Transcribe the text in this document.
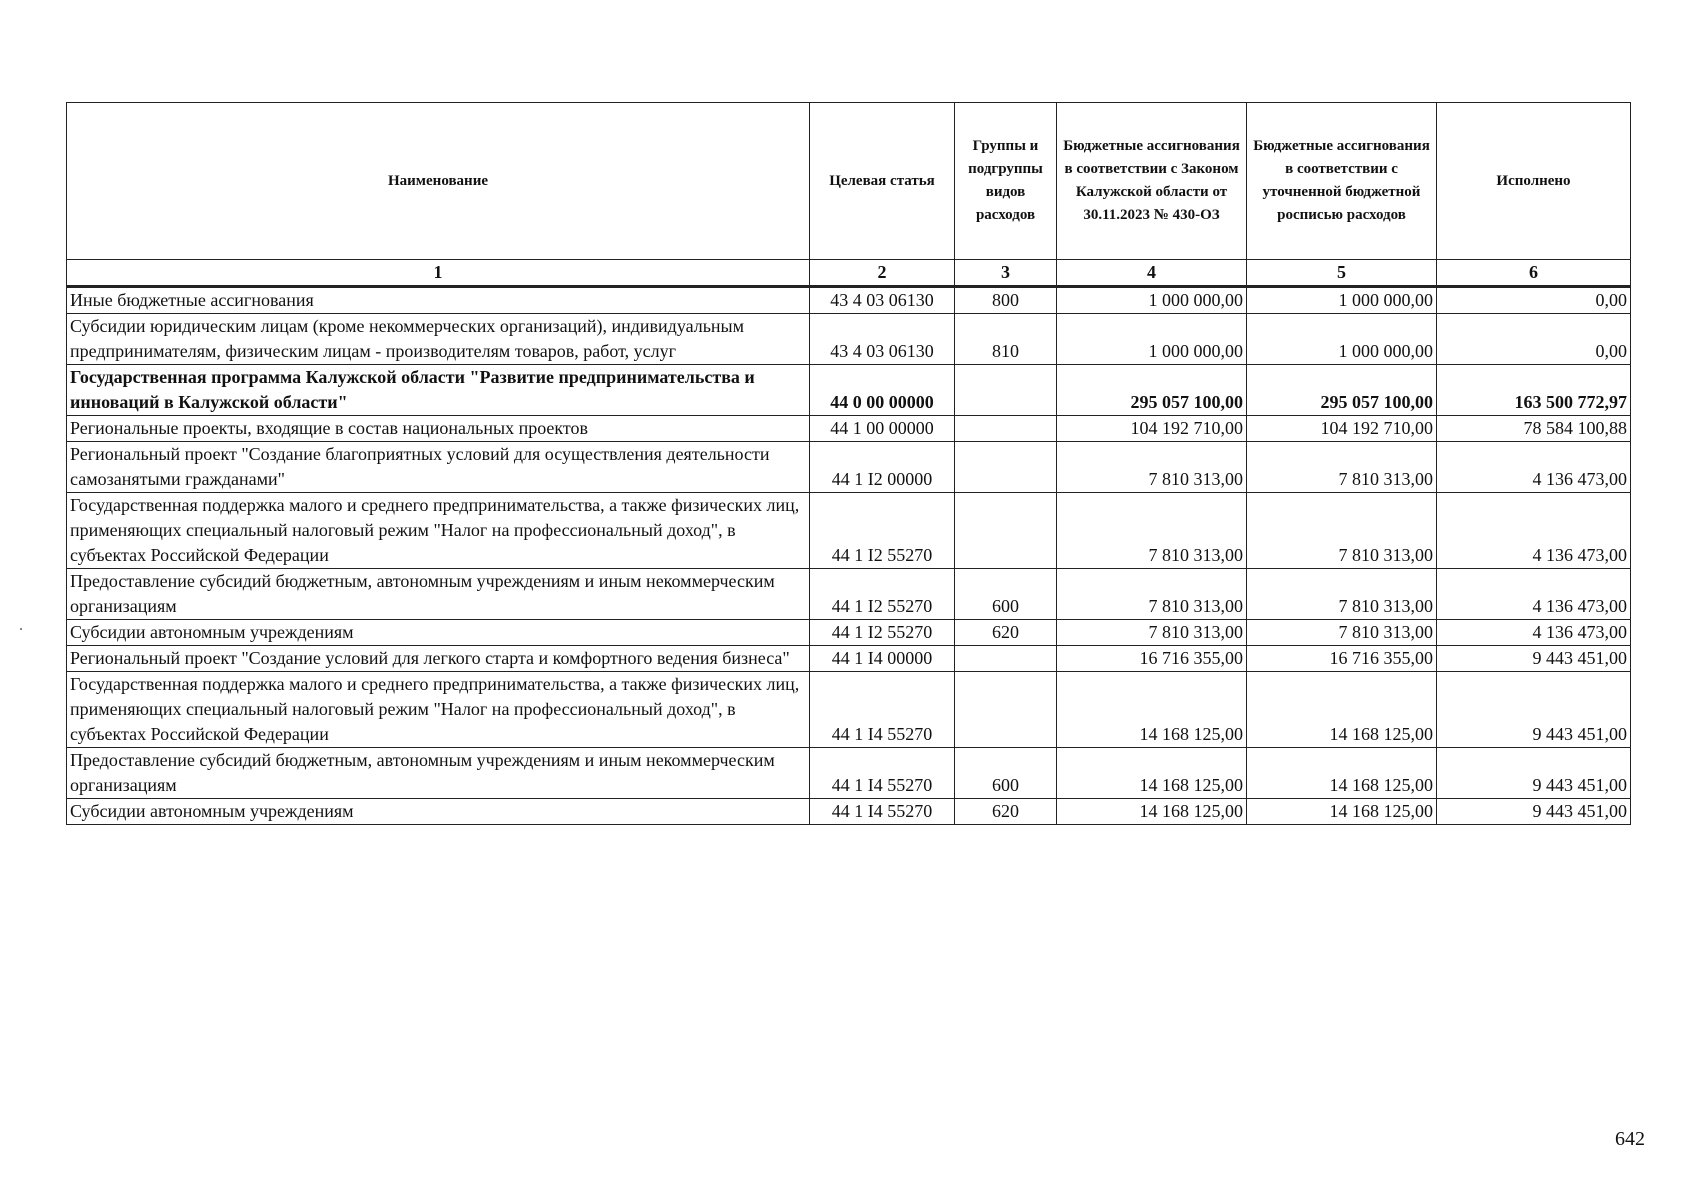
Наименование	Целевая статья	Группы и подгруппы видов расходов	Бюджетные ассигнования в соответствии с Законом Калужской области от 30.11.2023 № 430-ОЗ	Бюджетные ассигнования в соответствии с уточненной бюджетной росписью расходов	Исполнено
1	2	3	4	5	6
Иные бюджетные ассигнования	43 4 03 06130	800	1 000 000,00	1 000 000,00	0,00
Субсидии юридическим лицам (кроме некоммерческих организаций), индивидуальным предпринимателям, физическим лицам - производителям товаров, работ, услуг	43 4 03 06130	810	1 000 000,00	1 000 000,00	0,00
Государственная программа Калужской области "Развитие предпринимательства и инноваций в Калужской области"	44 0 00 00000		295 057 100,00	295 057 100,00	163 500 772,97
Региональные проекты, входящие в состав национальных проектов	44 1 00 00000		104 192 710,00	104 192 710,00	78 584 100,88
Региональный проект "Создание благоприятных условий для осуществления деятельности самозанятыми гражданами"	44 1 I2 00000		7 810 313,00	7 810 313,00	4 136 473,00
Государственная поддержка малого и среднего предпринимательства, а также физических лиц, применяющих специальный налоговый режим "Налог на профессиональный доход", в субъектах Российской Федерации	44 1 I2 55270		7 810 313,00	7 810 313,00	4 136 473,00
Предоставление субсидий бюджетным, автономным учреждениям и иным некоммерческим организациям	44 1 I2 55270	600	7 810 313,00	7 810 313,00	4 136 473,00
Субсидии автономным учреждениям	44 1 I2 55270	620	7 810 313,00	7 810 313,00	4 136 473,00
Региональный проект "Создание условий для легкого старта и комфортного ведения бизнеса"	44 1 I4 00000		16 716 355,00	16 716 355,00	9 443 451,00
Государственная поддержка малого и среднего предпринимательства, а также физических лиц, применяющих специальный налоговый режим "Налог на профессиональный доход", в субъектах Российской Федерации	44 1 I4 55270		14 168 125,00	14 168 125,00	9 443 451,00
Предоставление субсидий бюджетным, автономным учреждениям и иным некоммерческим организациям	44 1 I4 55270	600	14 168 125,00	14 168 125,00	9 443 451,00
Субсидии автономным учреждениям	44 1 I4 55270	620	14 168 125,00	14 168 125,00	9 443 451,00
642
